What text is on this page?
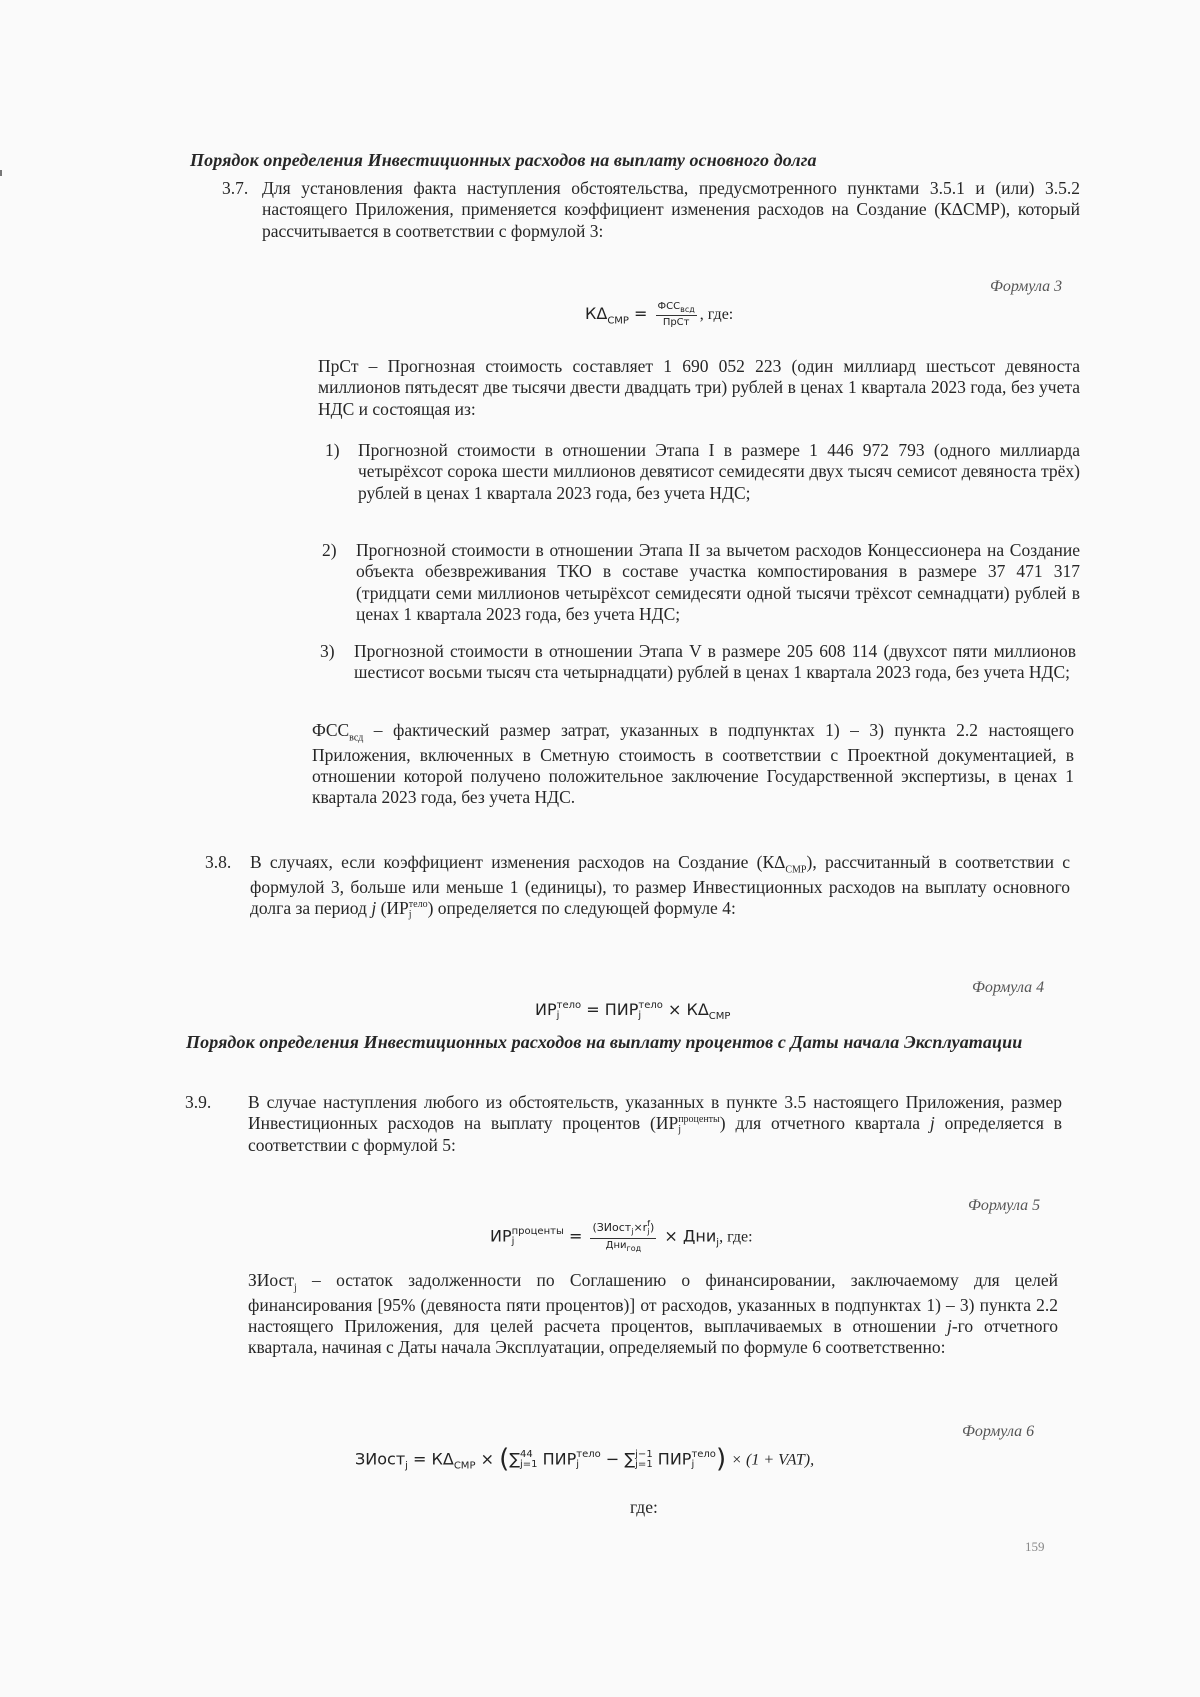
Порядок определения Инвестиционных расходов на выплату основного долга
3.7. Для установления факта наступления обстоятельства, предусмотренного пунктами 3.5.1 и (или) 3.5.2 настоящего Приложения, применяется коэффициент изменения расходов на Создание (КΔСМР), который рассчитывается в соответствии с формулой 3:
Формула 3
$К\Delta_{СМР} = \frac{ФСС_{всд}}{\text{ПрСт}}$ , где:
ПрСт – Прогнозная стоимость составляет 1 690 052 223 (один миллиард шестьсот девяноста миллионов пятьдесят две тысячи двести двадцать три) рублей в ценах 1 квартала 2023 года, без учета НДС и состоящая из:
1) Прогнозной стоимости в отношении Этапа I в размере 1 446 972 793 (одного миллиарда четырёхсот сорока шести миллионов девятисот семидесяти двух тысяч семисот девяноста трёх) рублей в ценах 1 квартала 2023 года, без учета НДС;
2) Прогнозной стоимости в отношении Этапа II за вычетом расходов Концессионера на Создание объекта обезвреживания ТКО в составе участка компостирования в размере 37 471 317 (тридцати семи миллионов четырёхсот семидесяти одной тысячи трёхсот семнадцати) рублей в ценах 1 квартала 2023 года, без учета НДС;
3) Прогнозной стоимости в отношении Этапа V в размере 205 608 114 (двухсот пяти миллионов шестисот восьми тысяч ста четырнадцати) рублей в ценах 1 квартала 2023 года, без учета НДС;
$ФСС_{всд}$ – фактический размер затрат, указанных в подпунктах 1) – 3) пункта 2.2 настоящего Приложения, включенных в Сметную стоимость в соответствии с Проектной документацией, в отношении которой получено положительное заключение Государственной экспертизы, в ценах 1 квартала 2023 года, без учета НДС.
3.8. В случаях, если коэффициент изменения расходов на Создание $(К\Delta_{СМР})$, рассчитанный в соответствии с формулой 3, больше или меньше 1 (единицы), то размер Инвестиционных расходов на выплату основного долга за период j (ИР тело
j ) определяется по следующей формуле 4:
Формула 4
ИР тело
j	= ПИР тело
j	× $К\Delta_{СМР}$
Порядок определения Инвестиционных расходов на выплату процентов с Даты начала Эксплуатации
3.9. В случае наступления любого из обстоятельств, указанных в пункте 3.5 настоящего Приложения, размер Инвестиционных расходов на выплату процентов (ИР проценты
j	) для отчетного квартала j определяется в соответствии с формулой 5:
Формула 5
ИР проценты
j	= (ЗИост$_j$×r f
j )
Дни$_{год}$ × Дни$_j$, где:
ЗИост$_j$ – остаток задолженности по Соглашению о финансировании, заключаемому для целей финансирования [95% (девяноста пяти процентов)] от расходов, указанных в подпунктах 1) – 3) пункта 2.2 настоящего Приложения, для целей расчета процентов, выплачиваемых в отношении j-го отчетного квартала, начиная с Даты начала Эксплуатации, определяемый по формуле 6 соответственно:
Формула 6
ЗИост$_j$ = $К\Delta_{СМР}$ × (∑ 44
j=1 ПИР тело
j	− ∑ j−1
j=1 ПИР тело
j ) × (1 + VAT),
где:
159
